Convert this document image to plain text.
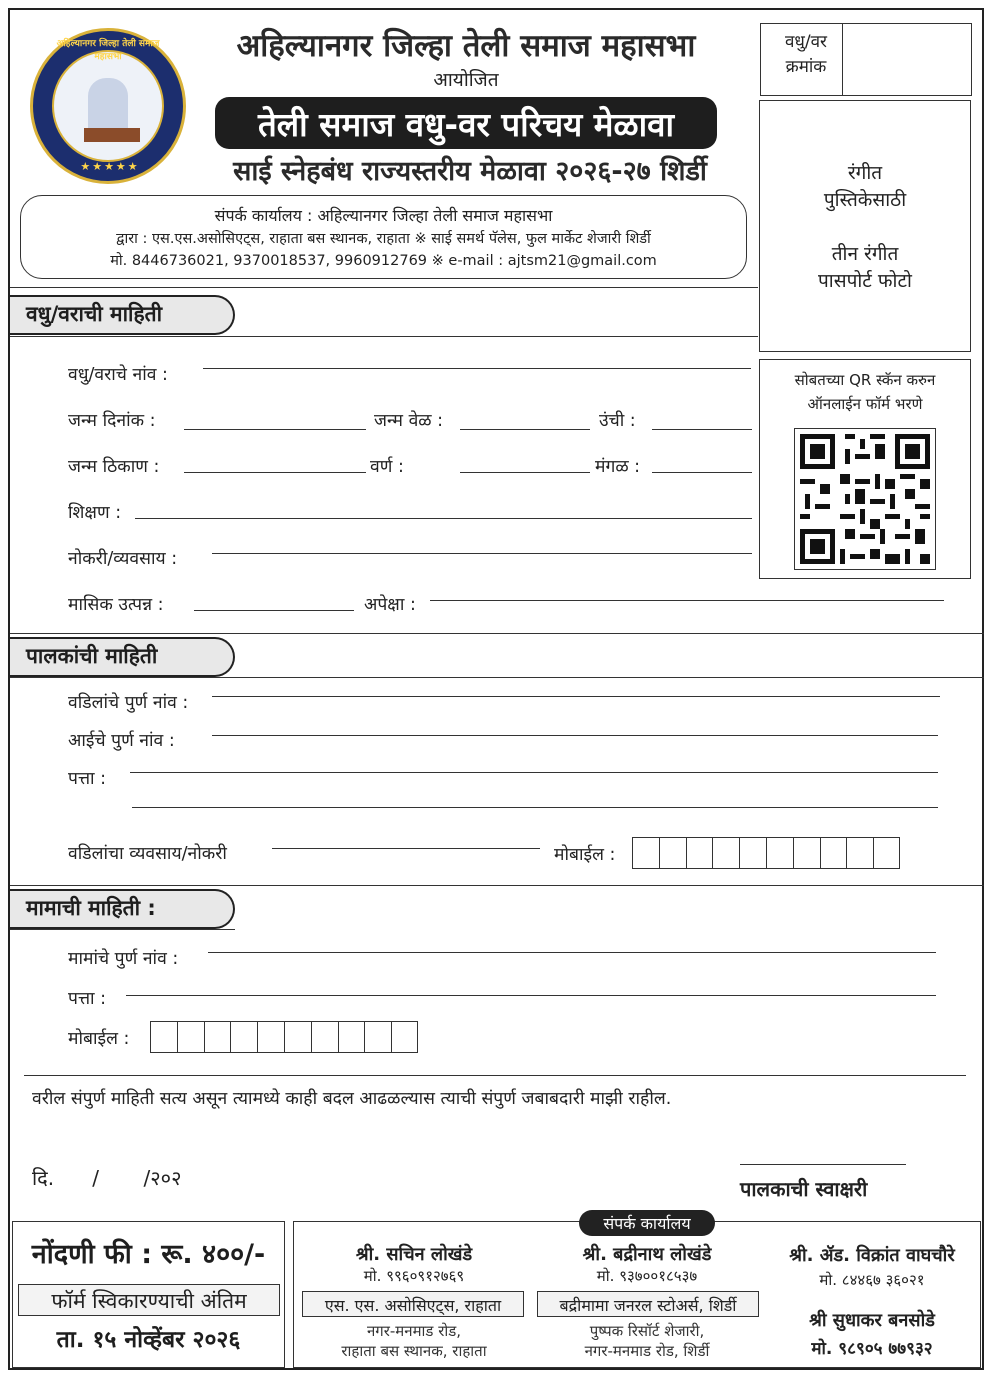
अहिल्यानगर जिल्हा तेली समाज महासभा
★★★★★
अहिल्यानगर जिल्हा तेली समाज महासभा
आयोजित
तेली समाज वधु-वर परिचय मेळावा
साई स्नेहबंध राज्यस्तरीय मेळावा २०२६-२७ शिर्डी
संपर्क कार्यालय : अहिल्यानगर जिल्हा तेली समाज महासभा
द्वारा : एस.एस.असोसिएट्स, राहाता बस स्थानक, राहाता ※ साई समर्थ पॅलेस, फुल मार्केट शेजारी शिर्डी
मो. 8446736021, 9370018537, 9960912769 ※ e-mail : ajtsm21@gmail.com
वधु/वर
क्रमांक
रंगीत
पुस्तिकेसाठी
तीन रंगीत
पासपोर्ट फोटो
सोबतच्या QR स्कॅन करुन
ऑनलाईन फॉर्म भरणे
वधु/वराची माहिती
वधु/वराचे नांव :
जन्म दिनांक :	जन्म वेळ :	उंची :
जन्म ठिकाण :	वर्ण :	मंगळ :
शिक्षण :
नोकरी/व्यवसाय :
मासिक उत्पन्न :	अपेक्षा :
पालकांची माहिती
वडिलांचे पुर्ण नांव :
आईचे पुर्ण नांव :
पत्ता :
वडिलांचा व्यवसाय/नोकरी	मोबाईल :
मामाची माहिती :
मामांचे पुर्ण नांव :
पत्ता :
मोबाईल :
वरील संपुर्ण माहिती सत्य असून त्यामध्ये काही बदल आढळल्यास त्याची संपुर्ण जबाबदारी माझी राहील.
दि.      /       /२०२	पालकाची स्वाक्षरी
नोंदणी फी : रू. ४००/-
फॉर्म स्विकारण्याची अंतिम
ता. १५ नोव्हेंबर २०२६
संपर्क कार्यालय
श्री. सचिन लोखंडे
मो. ९९६०९१२७६९
एस. एस. असोसिएट्स, राहाता
नगर-मनमाड रोड,
राहाता बस स्थानक, राहाता
श्री. बद्रीनाथ लोखंडे
मो. ९३७००१८५३७
बद्रीमामा जनरल स्टोअर्स, शिर्डी
पुष्पक रिसॉर्ट शेजारी,
नगर-मनमाड रोड, शिर्डी
श्री. ॲड. विक्रांत वाघचौरे
मो. ८४४६७ ३६०२१
श्री सुधाकर बनसोडे
मो. ९८९०५ ७७९३२
